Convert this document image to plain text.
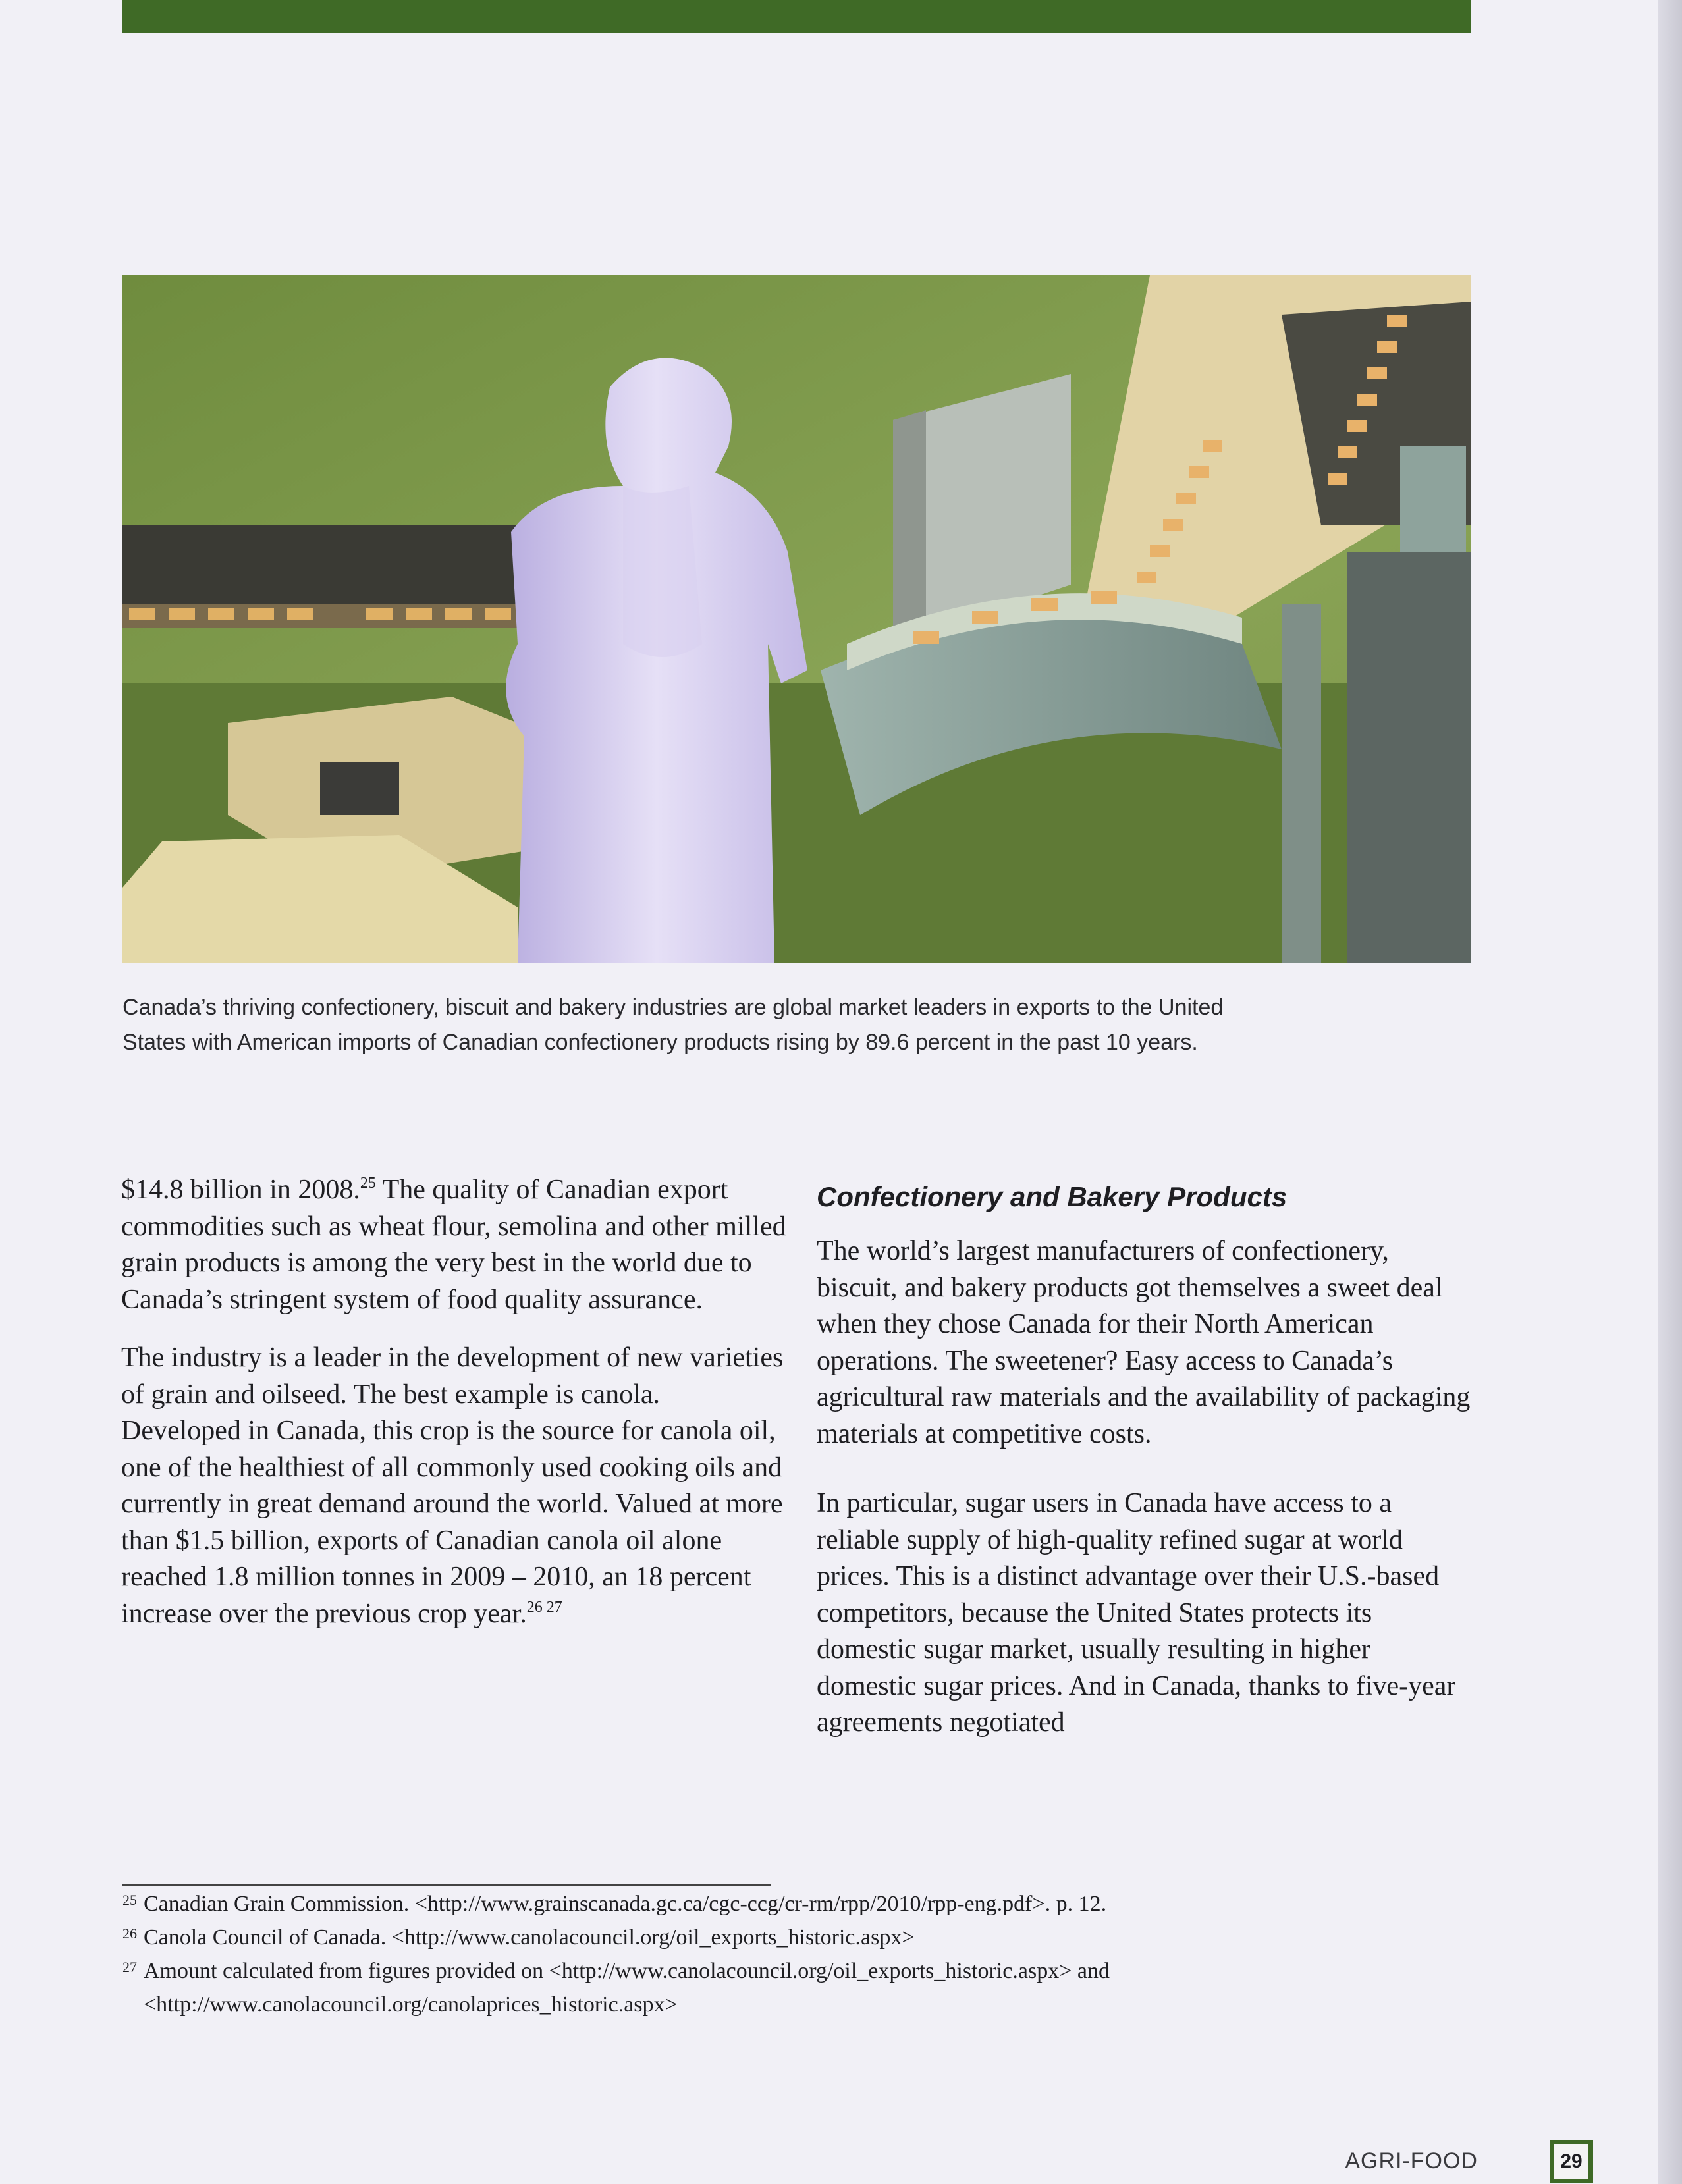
Canada’s thriving confectionery, biscuit and bakery industries are global market leaders in exports to the United States with American imports of Canadian confectionery products rising by 89.6 percent in the past 10 years.

$14.8 billion in 2008.25 The quality of Canadian export commodities such as wheat flour, semolina and other milled grain products is among the very best in the world due to Canada’s stringent system of food quality assurance.

The industry is a leader in the development of new varieties of grain and oilseed. The best example is canola. Developed in Canada, this crop is the source for canola oil, one of the healthiest of all commonly used cooking oils and currently in great demand around the world. Valued at more than $1.5 billion, exports of Canadian canola oil alone reached 1.8 million tonnes in 2009 – 2010, an 18 percent increase over the previous crop year.$^{26 27}$

Confectionery and Bakery Products

The world’s largest manufacturers of confectionery, biscuit, and bakery products got themselves a sweet deal when they chose Canada for their North American operations. The sweetener? Easy access to Canada’s agricultural raw materials and the availability of packaging materials at competitive costs.

In particular, sugar users in Canada have access to a reliable supply of high-quality refined sugar at world prices. This is a distinct advantage over their U.S.-based competitors, because the United States protects its domestic sugar market, usually resulting in higher domestic sugar prices. And in Canada, thanks to five-year agreements negotiated

25 Canadian Grain Commission. <http://www.grainscanada.gc.ca/cgc-ccg/cr-rm/rpp/2010/rpp-eng.pdf>. p. 12.
26 Canola Council of Canada. <http://www.canolacouncil.org/oil_exports_historic.aspx>
27 Amount calculated from figures provided on <http://www.canolacouncil.org/oil_exports_historic.aspx> and <http://www.canolacouncil.org/canolaprices_historic.aspx>
AGRI-FOOD	29
